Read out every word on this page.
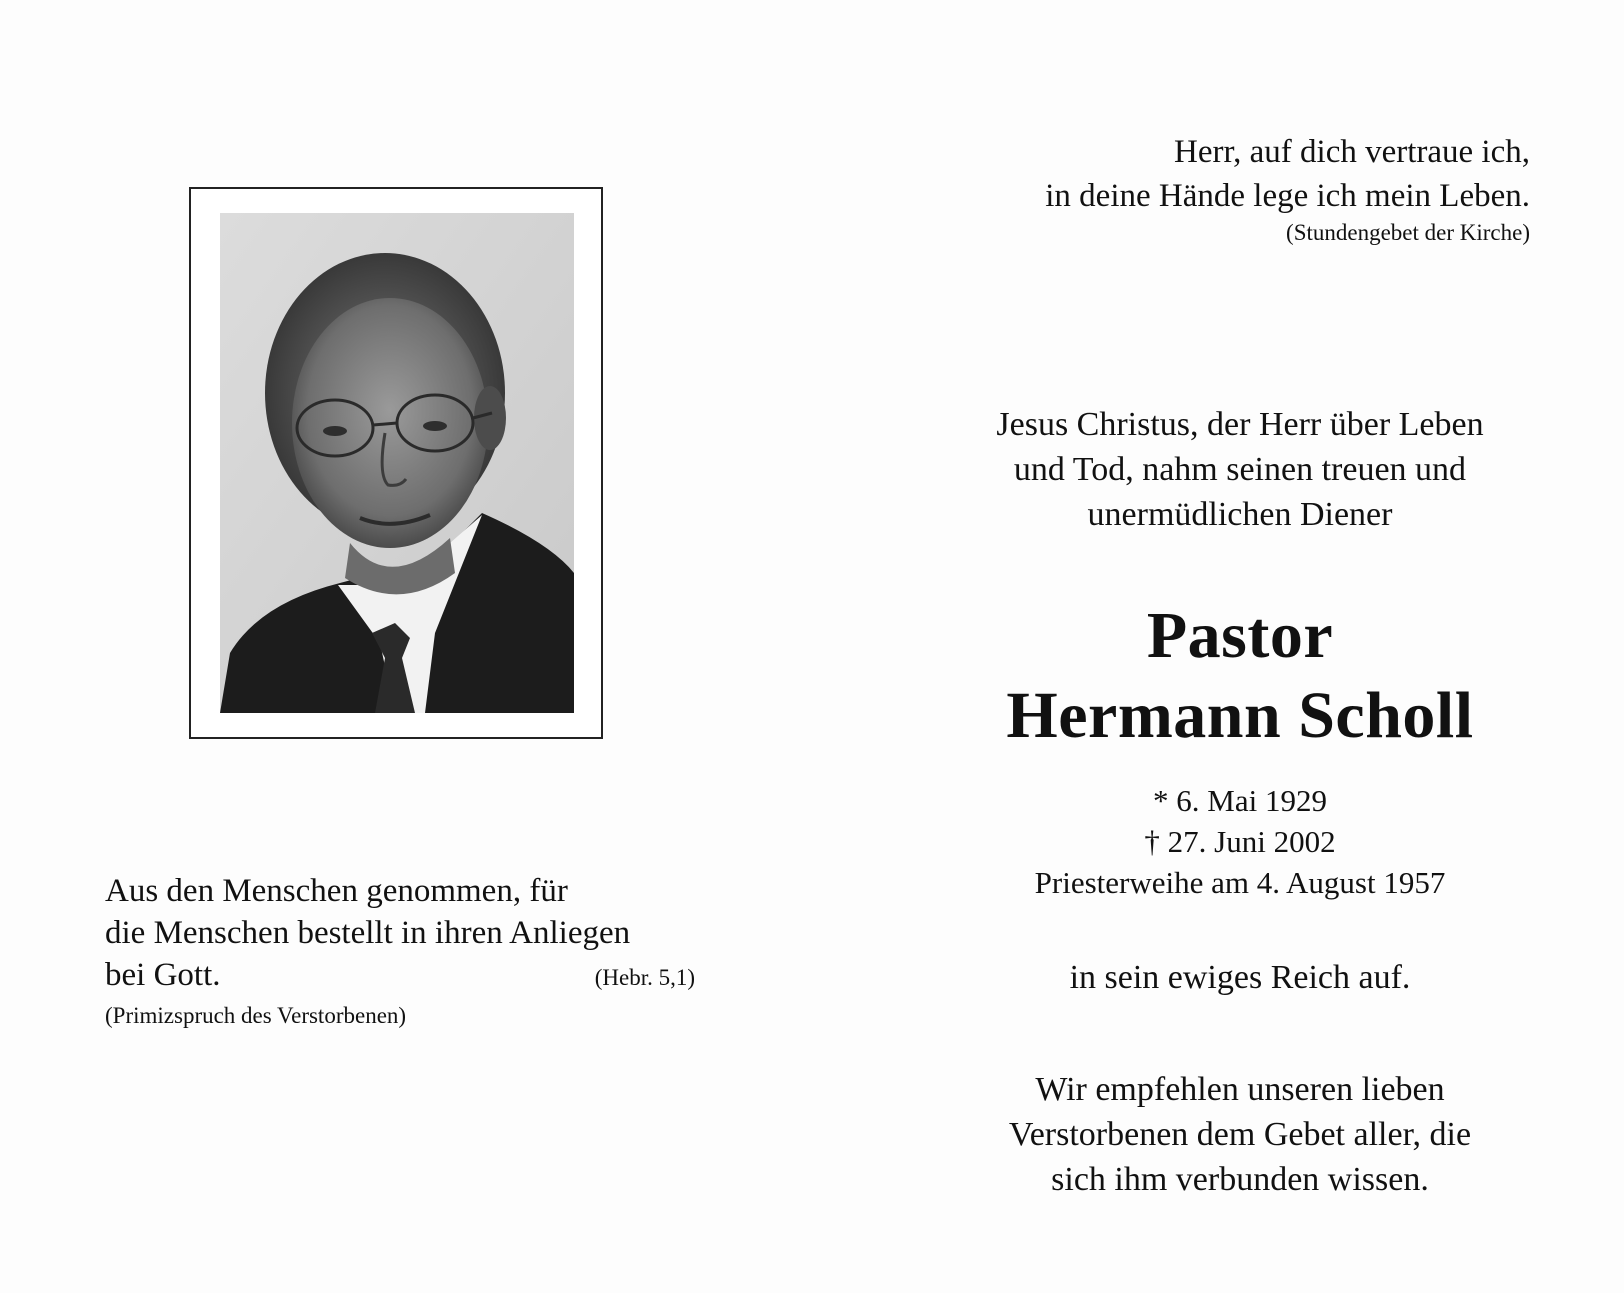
Aus den Menschen genommen, für
die Menschen bestellt in ihren Anliegen
bei Gott.	(Hebr. 5,1)
(Primizspruch des Verstorbenen)
Herr, auf dich vertraue ich,
in deine Hände lege ich mein Leben.
(Stundengebet der Kirche)
Jesus Christus, der Herr über Leben
und Tod, nahm seinen treuen und
unermüdlichen Diener
Pastor
Hermann Scholl
* 6. Mai 1929
† 27. Juni 2002
Priesterweihe am 4. August 1957
in sein ewiges Reich auf.
Wir empfehlen unseren lieben
Verstorbenen dem Gebet aller, die
sich ihm verbunden wissen.
